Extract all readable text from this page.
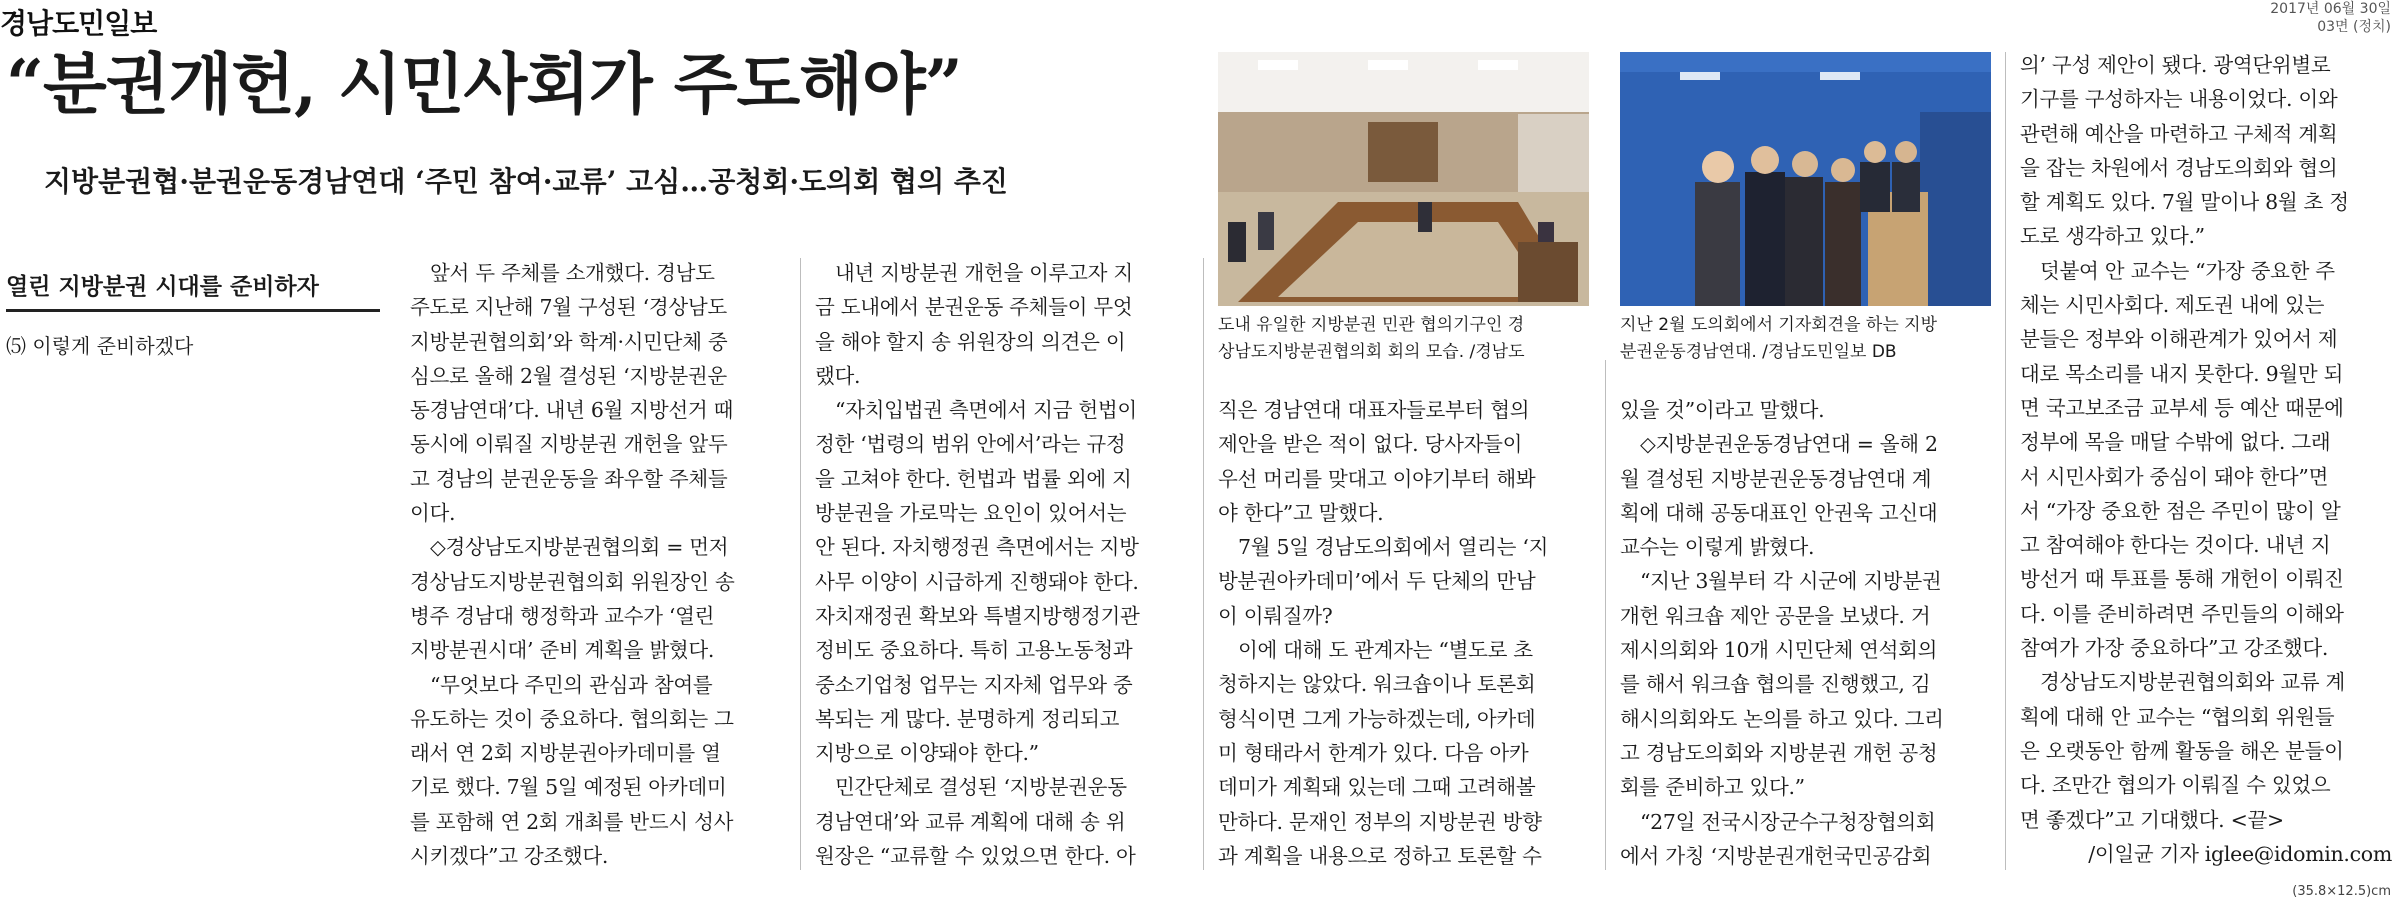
경남도민일보	2017년 06월 30일
03면 (정치)
“분권개헌, 시민사회가 주도해야”
지방분권협·분권운동경남연대 ‘주민 참여·교류’ 고심…공청회·도의회 협의 추진
열린 지방분권 시대를 준비하자
⑸ 이렇게 준비하겠다
도내 유일한 지방분권 민관 협의기구인 경
상남도지방분권협의회 회의 모습. /경남도
지난 2월 도의회에서 기자회견을 하는 지방
분권운동경남연대. /경남도민일보 DB
앞서 두 주체를 소개했다. 경남도
주도로 지난해 7월 구성된 ‘경상남도
지방분권협의회’와 학계·시민단체 중
심으로 올해 2월 결성된 ‘지방분권운
동경남연대’다. 내년 6월 지방선거 때
동시에 이뤄질 지방분권 개헌을 앞두
고 경남의 분권운동을 좌우할 주체들
이다.
◇경상남도지방분권협의회 = 먼저
경상남도지방분권협의회 위원장인 송
병주 경남대 행정학과 교수가 ‘열린
지방분권시대’ 준비 계획을 밝혔다.
“무엇보다 주민의 관심과 참여를
유도하는 것이 중요하다. 협의회는 그
래서 연 2회 지방분권아카데미를 열
기로 했다. 7월 5일 예정된 아카데미
를 포함해 연 2회 개최를 반드시 성사
시키겠다”고 강조했다.
내년 지방분권 개헌을 이루고자 지
금 도내에서 분권운동 주체들이 무엇
을 해야 할지 송 위원장의 의견은 이
랬다.
“자치입법권 측면에서 지금 헌법이
정한 ‘법령의 범위 안에서’라는 규정
을 고쳐야 한다. 헌법과 법률 외에 지
방분권을 가로막는 요인이 있어서는
안 된다. 자치행정권 측면에서는 지방
사무 이양이 시급하게 진행돼야 한다.
자치재정권 확보와 특별지방행정기관
정비도 중요하다. 특히 고용노동청과
중소기업청 업무는 지자체 업무와 중
복되는 게 많다. 분명하게 정리되고
지방으로 이양돼야 한다.”
민간단체로 결성된 ‘지방분권운동
경남연대’와 교류 계획에 대해 송 위
원장은 “교류할 수 있었으면 한다. 아
직은 경남연대 대표자들로부터 협의
제안을 받은 적이 없다. 당사자들이
우선 머리를 맞대고 이야기부터 해봐
야 한다”고 말했다.
7월 5일 경남도의회에서 열리는 ‘지
방분권아카데미’에서 두 단체의 만남
이 이뤄질까?
이에 대해 도 관계자는 “별도로 초
청하지는 않았다. 워크숍이나 토론회
형식이면 그게 가능하겠는데, 아카데
미 형태라서 한계가 있다. 다음 아카
데미가 계획돼 있는데 그때 고려해볼
만하다. 문재인 정부의 지방분권 방향
과 계획을 내용으로 정하고 토론할 수
있을 것”이라고 말했다.
◇지방분권운동경남연대 = 올해 2
월 결성된 지방분권운동경남연대 계
획에 대해 공동대표인 안권욱 고신대
교수는 이렇게 밝혔다.
“지난 3월부터 각 시군에 지방분권
개헌 워크숍 제안 공문을 보냈다. 거
제시의회와 10개 시민단체 연석회의
를 해서 워크숍 협의를 진행했고, 김
해시의회와도 논의를 하고 있다. 그리
고 경남도의회와 지방분권 개헌 공청
회를 준비하고 있다.”
“27일 전국시장군수구청장협의회
에서 가칭 ‘지방분권개헌국민공감회
의’ 구성 제안이 됐다. 광역단위별로
기구를 구성하자는 내용이었다. 이와
관련해 예산을 마련하고 구체적 계획
을 잡는 차원에서 경남도의회와 협의
할 계획도 있다. 7월 말이나 8월 초 정
도로 생각하고 있다.”
덧붙여 안 교수는 “가장 중요한 주
체는 시민사회다. 제도권 내에 있는
분들은 정부와 이해관계가 있어서 제
대로 목소리를 내지 못한다. 9월만 되
면 국고보조금 교부세 등 예산 때문에
정부에 목을 매달 수밖에 없다. 그래
서 시민사회가 중심이 돼야 한다”면
서 “가장 중요한 점은 주민이 많이 알
고 참여해야 한다는 것이다. 내년 지
방선거 때 투표를 통해 개헌이 이뤄진
다. 이를 준비하려면 주민들의 이해와
참여가 가장 중요하다”고 강조했다.
경상남도지방분권협의회와 교류 계
획에 대해 안 교수는 “협의회 위원들
은 오랫동안 함께 활동을 해온 분들이
다. 조만간 협의가 이뤄질 수 있었으
면 좋겠다”고 기대했다. <끝>
/이일균 기자 iglee@idomin.com
(35.8×12.5)cm
